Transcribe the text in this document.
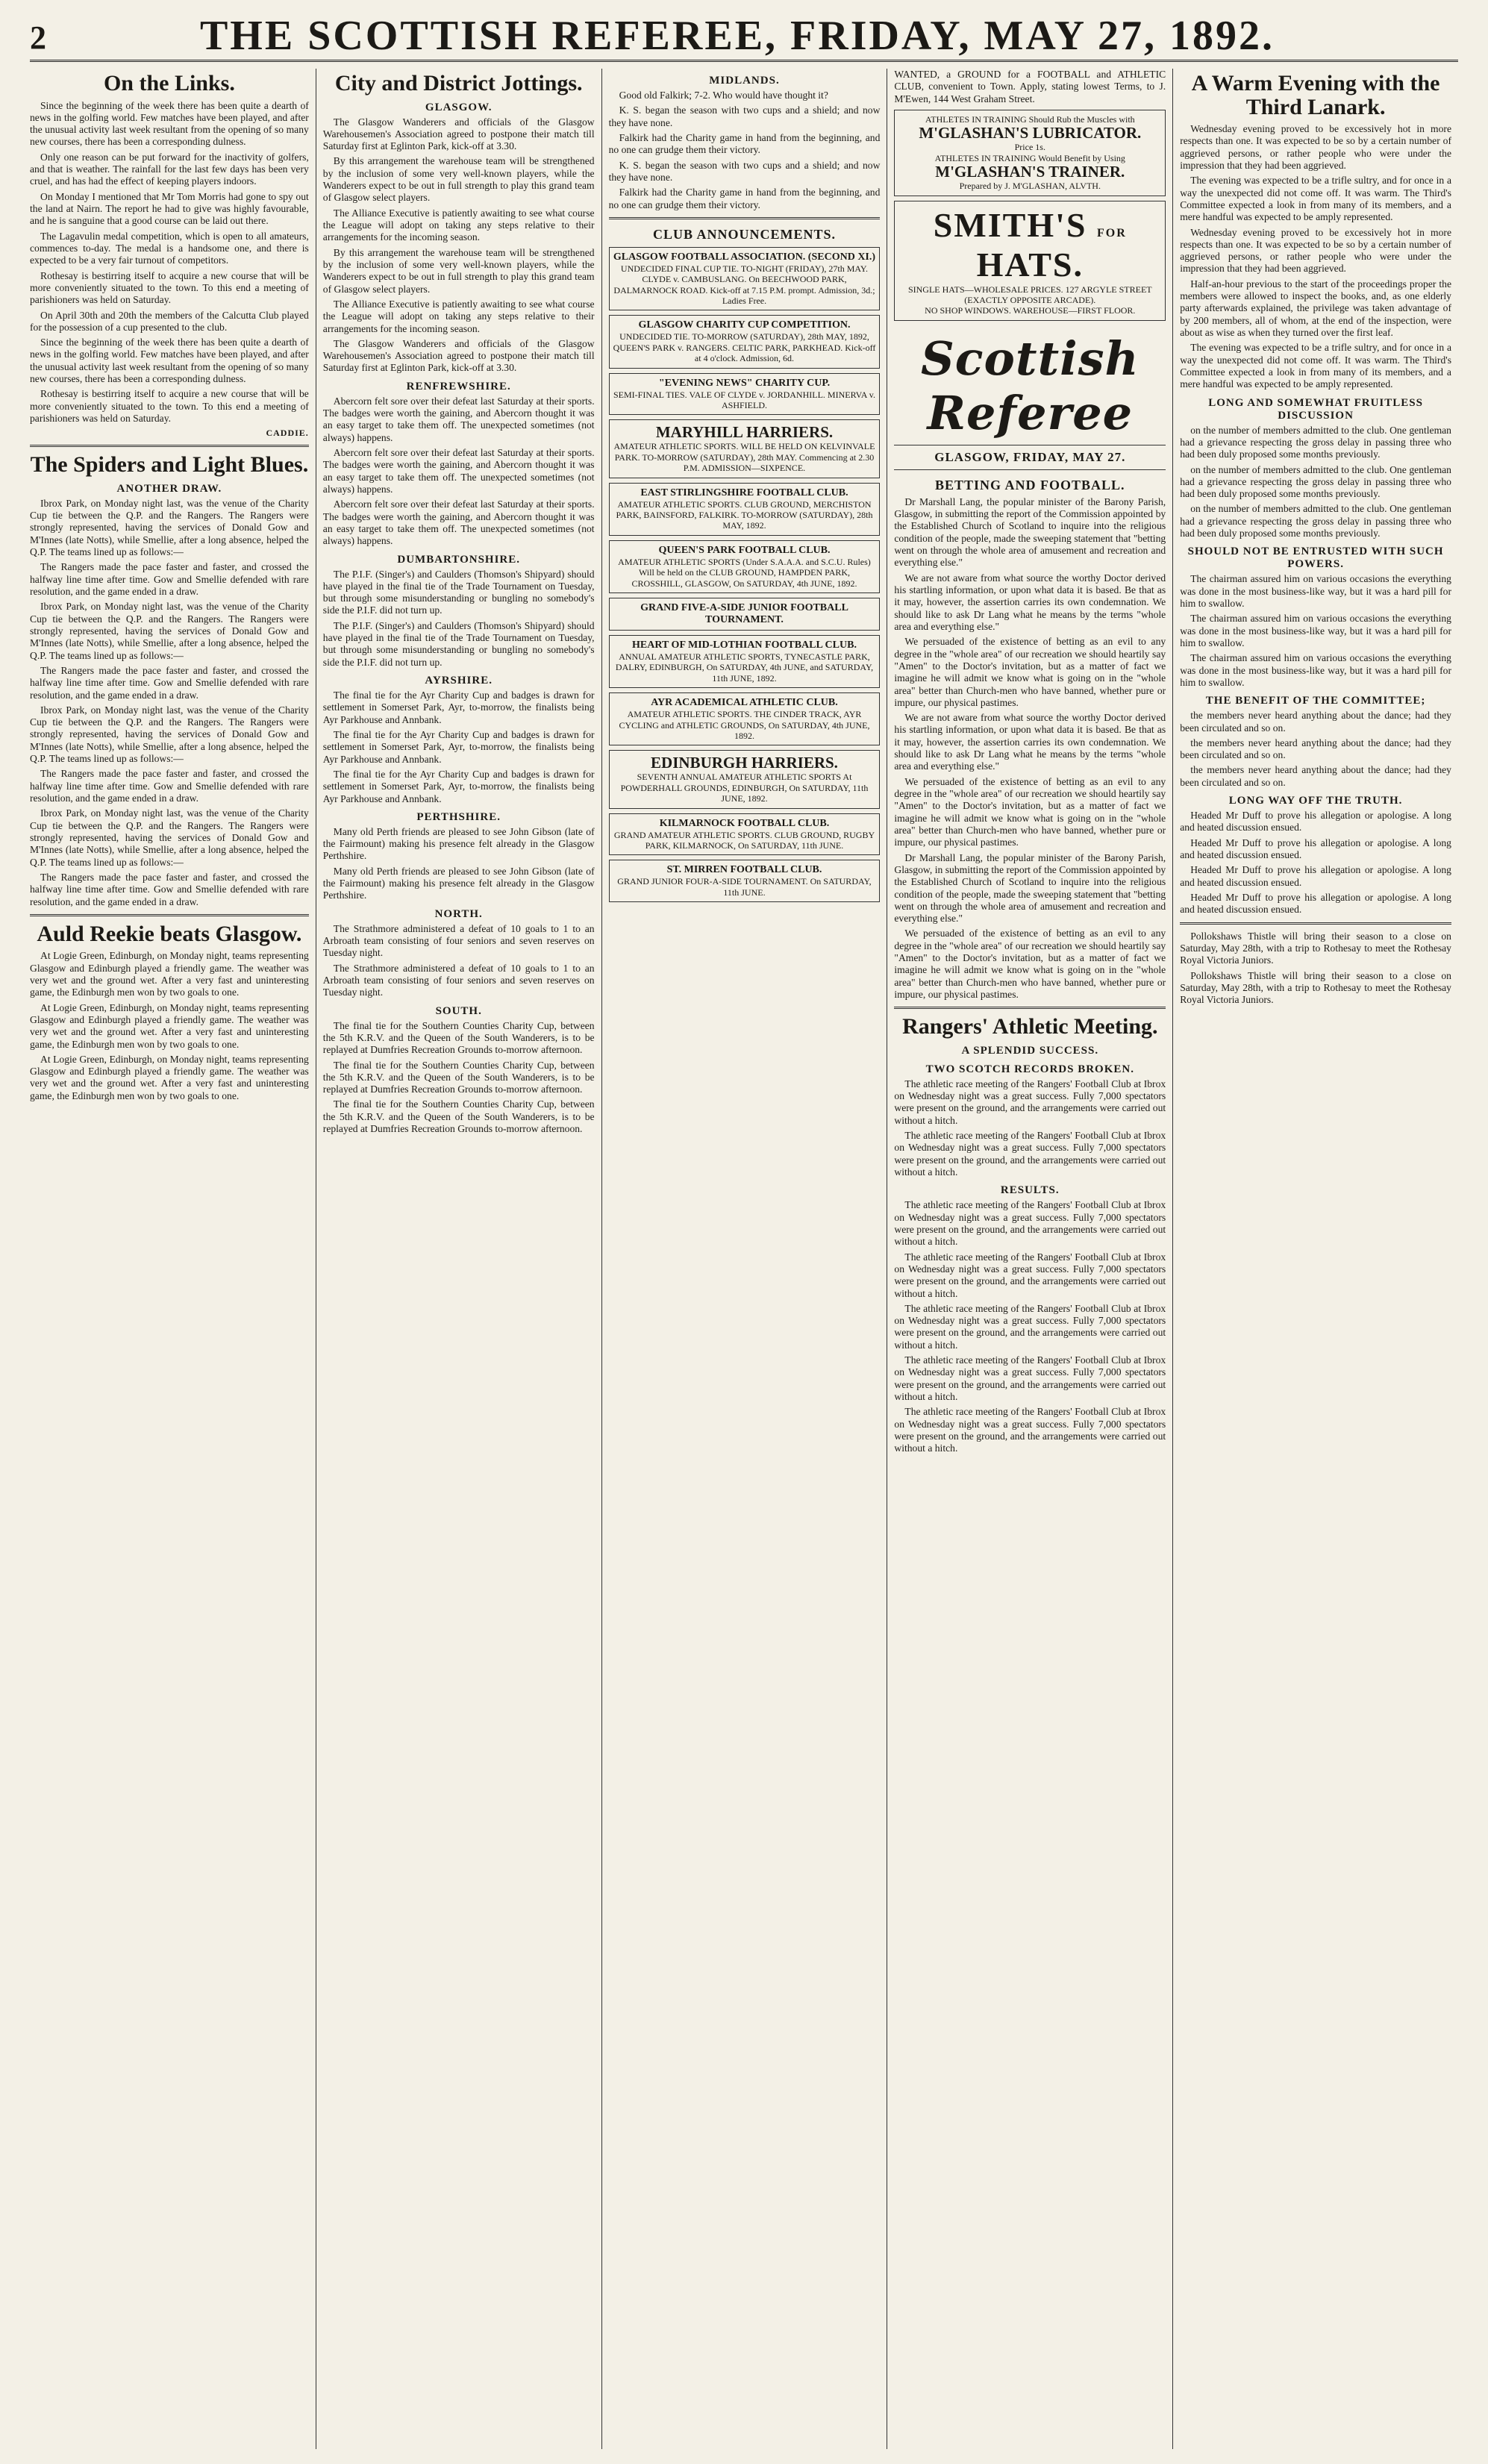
2	THE SCOTTISH REFEREE, FRIDAY, MAY 27, 1892.
On the Links.

Since the beginning of the week there has been quite a dearth of news in the golfing world. Few matches have been played, and after the unusual activity last week resultant from the opening of so many new courses, there has been a corresponding dulness.

Only one reason can be put forward for the inactivity of golfers, and that is weather. The rainfall for the last few days has been very cruel, and has had the effect of keeping players indoors.

On Monday I mentioned that Mr Tom Morris had gone to spy out the land at Nairn. The report he had to give was highly favourable, and he is sanguine that a good course can be laid out there.

The Lagavulin medal competition, which is open to all amateurs, commences to-day. The medal is a handsome one, and there is expected to be a very fair turnout of competitors.

Rothesay is bestirring itself to acquire a new course that will be more conveniently situated to the town. To this end a meeting of parishioners was held on Saturday.

On April 30th and 20th the members of the Calcutta Club played for the possession of a cup presented to the club.

Since the beginning of the week there has been quite a dearth of news in the golfing world. Few matches have been played, and after the unusual activity last week resultant from the opening of so many new courses, there has been a corresponding dulness.

Rothesay is bestirring itself to acquire a new course that will be more conveniently situated to the town. To this end a meeting of parishioners was held on Saturday.

CADDIE.
The Spiders and Light Blues.
ANOTHER DRAW.

Ibrox Park, on Monday night last, was the venue of the Charity Cup tie between the Q.P. and the Rangers. The Rangers were strongly represented, having the services of Donald Gow and M'Innes (late Notts), while Smellie, after a long absence, helped the Q.P. The teams lined up as follows:—

The Rangers made the pace faster and faster, and crossed the halfway line time after time. Gow and Smellie defended with rare resolution, and the game ended in a draw.

Ibrox Park, on Monday night last, was the venue of the Charity Cup tie between the Q.P. and the Rangers. The Rangers were strongly represented, having the services of Donald Gow and M'Innes (late Notts), while Smellie, after a long absence, helped the Q.P. The teams lined up as follows:—

The Rangers made the pace faster and faster, and crossed the halfway line time after time. Gow and Smellie defended with rare resolution, and the game ended in a draw.

Ibrox Park, on Monday night last, was the venue of the Charity Cup tie between the Q.P. and the Rangers. The Rangers were strongly represented, having the services of Donald Gow and M'Innes (late Notts), while Smellie, after a long absence, helped the Q.P. The teams lined up as follows:—

The Rangers made the pace faster and faster, and crossed the halfway line time after time. Gow and Smellie defended with rare resolution, and the game ended in a draw.

Ibrox Park, on Monday night last, was the venue of the Charity Cup tie between the Q.P. and the Rangers. The Rangers were strongly represented, having the services of Donald Gow and M'Innes (late Notts), while Smellie, after a long absence, helped the Q.P. The teams lined up as follows:—

The Rangers made the pace faster and faster, and crossed the halfway line time after time. Gow and Smellie defended with rare resolution, and the game ended in a draw.

Auld Reekie beats Glasgow.

At Logie Green, Edinburgh, on Monday night, teams representing Glasgow and Edinburgh played a friendly game. The weather was very wet and the ground wet. After a very fast and uninteresting game, the Edinburgh men won by two goals to one.

At Logie Green, Edinburgh, on Monday night, teams representing Glasgow and Edinburgh played a friendly game. The weather was very wet and the ground wet. After a very fast and uninteresting game, the Edinburgh men won by two goals to one.

At Logie Green, Edinburgh, on Monday night, teams representing Glasgow and Edinburgh played a friendly game. The weather was very wet and the ground wet. After a very fast and uninteresting game, the Edinburgh men won by two goals to one.

City and District Jottings.
GLASGOW.

The Glasgow Wanderers and officials of the Glasgow Warehousemen's Association agreed to postpone their match till Saturday first at Eglinton Park, kick-off at 3.30.

By this arrangement the warehouse team will be strengthened by the inclusion of some very well-known players, while the Wanderers expect to be out in full strength to play this grand team of Glasgow select players.

The Alliance Executive is patiently awaiting to see what course the League will adopt on taking any steps relative to their arrangements for the incoming season.

By this arrangement the warehouse team will be strengthened by the inclusion of some very well-known players, while the Wanderers expect to be out in full strength to play this grand team of Glasgow select players.

The Alliance Executive is patiently awaiting to see what course the League will adopt on taking any steps relative to their arrangements for the incoming season.

The Glasgow Wanderers and officials of the Glasgow Warehousemen's Association agreed to postpone their match till Saturday first at Eglinton Park, kick-off at 3.30.

RENFREWSHIRE.

Abercorn felt sore over their defeat last Saturday at their sports. The badges were worth the gaining, and Abercorn thought it was an easy target to take them off. The unexpected sometimes (not always) happens.

Abercorn felt sore over their defeat last Saturday at their sports. The badges were worth the gaining, and Abercorn thought it was an easy target to take them off. The unexpected sometimes (not always) happens.

Abercorn felt sore over their defeat last Saturday at their sports. The badges were worth the gaining, and Abercorn thought it was an easy target to take them off. The unexpected sometimes (not always) happens.

DUMBARTONSHIRE.

The P.I.F. (Singer's) and Caulders (Thomson's Shipyard) should have played in the final tie of the Trade Tournament on Tuesday, but through some misunderstanding or bungling no somebody's side the P.I.F. did not turn up.

The P.I.F. (Singer's) and Caulders (Thomson's Shipyard) should have played in the final tie of the Trade Tournament on Tuesday, but through some misunderstanding or bungling no somebody's side the P.I.F. did not turn up.

AYRSHIRE.

The final tie for the Ayr Charity Cup and badges is drawn for settlement in Somerset Park, Ayr, to-morrow, the finalists being Ayr Parkhouse and Annbank.

The final tie for the Ayr Charity Cup and badges is drawn for settlement in Somerset Park, Ayr, to-morrow, the finalists being Ayr Parkhouse and Annbank.

The final tie for the Ayr Charity Cup and badges is drawn for settlement in Somerset Park, Ayr, to-morrow, the finalists being Ayr Parkhouse and Annbank.

PERTHSHIRE.

Many old Perth friends are pleased to see John Gibson (late of the Fairmount) making his presence felt already in the Glasgow Perthshire.

Many old Perth friends are pleased to see John Gibson (late of the Fairmount) making his presence felt already in the Glasgow Perthshire.

NORTH.

The Strathmore administered a defeat of 10 goals to 1 to an Arbroath team consisting of four seniors and seven reserves on Tuesday night.

The Strathmore administered a defeat of 10 goals to 1 to an Arbroath team consisting of four seniors and seven reserves on Tuesday night.

SOUTH.

The final tie for the Southern Counties Charity Cup, between the 5th K.R.V. and the Queen of the South Wanderers, is to be replayed at Dumfries Recreation Grounds to-morrow afternoon.

The final tie for the Southern Counties Charity Cup, between the 5th K.R.V. and the Queen of the South Wanderers, is to be replayed at Dumfries Recreation Grounds to-morrow afternoon.

The final tie for the Southern Counties Charity Cup, between the 5th K.R.V. and the Queen of the South Wanderers, is to be replayed at Dumfries Recreation Grounds to-morrow afternoon.

MIDLANDS.

Good old Falkirk; 7-2. Who would have thought it?

K. S. began the season with two cups and a shield; and now they have none.

Falkirk had the Charity game in hand from the beginning, and no one can grudge them their victory.

K. S. began the season with two cups and a shield; and now they have none.

Falkirk had the Charity game in hand from the beginning, and no one can grudge them their victory.

CLUB ANNOUNCEMENTS.
GLASGOW FOOTBALL ASSOCIATION. (SECOND XI.)
UNDECIDED FINAL CUP TIE. TO-NIGHT (FRIDAY), 27th MAY. CLYDE v. CAMBUSLANG. On BEECHWOOD PARK, DALMARNOCK ROAD. Kick-off at 7.15 P.M. prompt. Admission, 3d.; Ladies Free.
GLASGOW CHARITY CUP COMPETITION.
UNDECIDED TIE. TO-MORROW (SATURDAY), 28th MAY, 1892, QUEEN'S PARK v. RANGERS. CELTIC PARK, PARKHEAD. Kick-off at 4 o'clock. Admission, 6d.
"EVENING NEWS" CHARITY CUP.
SEMI-FINAL TIES. VALE OF CLYDE v. JORDANHILL. MINERVA v. ASHFIELD.
MARYHILL HARRIERS.
AMATEUR ATHLETIC SPORTS. WILL BE HELD ON KELVINVALE PARK. TO-MORROW (SATURDAY), 28th MAY. Commencing at 2.30 P.M. ADMISSION—SIXPENCE.
EAST STIRLINGSHIRE FOOTBALL CLUB.
AMATEUR ATHLETIC SPORTS. CLUB GROUND, MERCHISTON PARK, BAINSFORD, FALKIRK. TO-MORROW (SATURDAY), 28th MAY, 1892.
QUEEN'S PARK FOOTBALL CLUB.
AMATEUR ATHLETIC SPORTS (Under S.A.A.A. and S.C.U. Rules) Will be held on the CLUB GROUND, HAMPDEN PARK, CROSSHILL, GLASGOW, On SATURDAY, 4th JUNE, 1892.
GRAND FIVE-A-SIDE JUNIOR FOOTBALL TOURNAMENT.
HEART OF MID-LOTHIAN FOOTBALL CLUB.
ANNUAL AMATEUR ATHLETIC SPORTS, TYNECASTLE PARK, DALRY, EDINBURGH, On SATURDAY, 4th JUNE, and SATURDAY, 11th JUNE, 1892.
AYR ACADEMICAL ATHLETIC CLUB.
AMATEUR ATHLETIC SPORTS. THE CINDER TRACK, AYR CYCLING and ATHLETIC GROUNDS, On SATURDAY, 4th JUNE, 1892.
EDINBURGH HARRIERS.
SEVENTH ANNUAL AMATEUR ATHLETIC SPORTS At POWDERHALL GROUNDS, EDINBURGH, On SATURDAY, 11th JUNE, 1892.
KILMARNOCK FOOTBALL CLUB.
GRAND AMATEUR ATHLETIC SPORTS. CLUB GROUND, RUGBY PARK, KILMARNOCK, On SATURDAY, 11th JUNE.
ST. MIRREN FOOTBALL CLUB.
GRAND JUNIOR FOUR-A-SIDE TOURNAMENT. On SATURDAY, 11th JUNE.

WANTED, a GROUND for a FOOTBALL and ATHLETIC CLUB, convenient to Town. Apply, stating lowest Terms, to J. M'Ewen, 144 West Graham Street.

ATHLETES IN TRAINING Should Rub the Muscles with
M'GLASHAN'S LUBRICATOR.
Price 1s.
ATHLETES IN TRAINING Would Benefit by Using
M'GLASHAN'S TRAINER.
Prepared by J. M'GLASHAN, ALVTH.
SMITH'S FOR HATS.
SINGLE HATS—WHOLESALE PRICES. 127 ARGYLE STREET (EXACTLY OPPOSITE ARCADE).
NO SHOP WINDOWS. WAREHOUSE—FIRST FLOOR.
Scottish Referee
GLASGOW, FRIDAY, MAY 27.
BETTING AND FOOTBALL.

Dr Marshall Lang, the popular minister of the Barony Parish, Glasgow, in submitting the report of the Commission appointed by the Established Church of Scotland to inquire into the religious condition of the people, made the sweeping statement that "betting went on through the whole area of amusement and recreation and everything else."

We are not aware from what source the worthy Doctor derived his startling information, or upon what data it is based. Be that as it may, however, the assertion carries its own condemnation. We should like to ask Dr Lang what he means by the terms "whole area and everything else."

We persuaded of the existence of betting as an evil to any degree in the "whole area" of our recreation we should heartily say "Amen" to the Doctor's invitation, but as a matter of fact we imagine he will admit we know what is going on in the "whole area" better than Church-men who have banned, whether pure or impure, our physical pastimes.

We are not aware from what source the worthy Doctor derived his startling information, or upon what data it is based. Be that as it may, however, the assertion carries its own condemnation. We should like to ask Dr Lang what he means by the terms "whole area and everything else."

We persuaded of the existence of betting as an evil to any degree in the "whole area" of our recreation we should heartily say "Amen" to the Doctor's invitation, but as a matter of fact we imagine he will admit we know what is going on in the "whole area" better than Church-men who have banned, whether pure or impure, our physical pastimes.

Dr Marshall Lang, the popular minister of the Barony Parish, Glasgow, in submitting the report of the Commission appointed by the Established Church of Scotland to inquire into the religious condition of the people, made the sweeping statement that "betting went on through the whole area of amusement and recreation and everything else."

We persuaded of the existence of betting as an evil to any degree in the "whole area" of our recreation we should heartily say "Amen" to the Doctor's invitation, but as a matter of fact we imagine he will admit we know what is going on in the "whole area" better than Church-men who have banned, whether pure or impure, our physical pastimes.

Rangers' Athletic Meeting.
A SPLENDID SUCCESS.
TWO SCOTCH RECORDS BROKEN.

The athletic race meeting of the Rangers' Football Club at Ibrox on Wednesday night was a great success. Fully 7,000 spectators were present on the ground, and the arrangements were carried out without a hitch.

The athletic race meeting of the Rangers' Football Club at Ibrox on Wednesday night was a great success. Fully 7,000 spectators were present on the ground, and the arrangements were carried out without a hitch.

RESULTS.

The athletic race meeting of the Rangers' Football Club at Ibrox on Wednesday night was a great success. Fully 7,000 spectators were present on the ground, and the arrangements were carried out without a hitch.

The athletic race meeting of the Rangers' Football Club at Ibrox on Wednesday night was a great success. Fully 7,000 spectators were present on the ground, and the arrangements were carried out without a hitch.

The athletic race meeting of the Rangers' Football Club at Ibrox on Wednesday night was a great success. Fully 7,000 spectators were present on the ground, and the arrangements were carried out without a hitch.

The athletic race meeting of the Rangers' Football Club at Ibrox on Wednesday night was a great success. Fully 7,000 spectators were present on the ground, and the arrangements were carried out without a hitch.

The athletic race meeting of the Rangers' Football Club at Ibrox on Wednesday night was a great success. Fully 7,000 spectators were present on the ground, and the arrangements were carried out without a hitch.

A Warm Evening with the Third Lanark.

Wednesday evening proved to be excessively hot in more respects than one. It was expected to be so by a certain number of aggrieved persons, or rather people who were under the impression that they had been aggrieved.

The evening was expected to be a trifle sultry, and for once in a way the unexpected did not come off. It was warm. The Third's Committee expected a look in from many of its members, and a mere handful was expected to be amply represented.

Wednesday evening proved to be excessively hot in more respects than one. It was expected to be so by a certain number of aggrieved persons, or rather people who were under the impression that they had been aggrieved.

Half-an-hour previous to the start of the proceedings proper the members were allowed to inspect the books, and, as one elderly party afterwards explained, the privilege was taken advantage of by 200 members, all of whom, at the end of the inspection, were about as wise as when they turned over the first leaf.

The evening was expected to be a trifle sultry, and for once in a way the unexpected did not come off. It was warm. The Third's Committee expected a look in from many of its members, and a mere handful was expected to be amply represented.

LONG AND SOMEWHAT FRUITLESS DISCUSSION

on the number of members admitted to the club. One gentleman had a grievance respecting the gross delay in passing three who had been duly proposed some months previously.

on the number of members admitted to the club. One gentleman had a grievance respecting the gross delay in passing three who had been duly proposed some months previously.

on the number of members admitted to the club. One gentleman had a grievance respecting the gross delay in passing three who had been duly proposed some months previously.

SHOULD NOT BE ENTRUSTED WITH SUCH POWERS.

The chairman assured him on various occasions the everything was done in the most business-like way, but it was a hard pill for him to swallow.

The chairman assured him on various occasions the everything was done in the most business-like way, but it was a hard pill for him to swallow.

The chairman assured him on various occasions the everything was done in the most business-like way, but it was a hard pill for him to swallow.

THE BENEFIT OF THE COMMITTEE;

the members never heard anything about the dance; had they been circulated and so on.

the members never heard anything about the dance; had they been circulated and so on.

the members never heard anything about the dance; had they been circulated and so on.

LONG WAY OFF THE TRUTH.

Headed Mr Duff to prove his allegation or apologise. A long and heated discussion ensued.

Headed Mr Duff to prove his allegation or apologise. A long and heated discussion ensued.

Headed Mr Duff to prove his allegation or apologise. A long and heated discussion ensued.

Headed Mr Duff to prove his allegation or apologise. A long and heated discussion ensued.

Pollokshaws Thistle will bring their season to a close on Saturday, May 28th, with a trip to Rothesay to meet the Rothesay Royal Victoria Juniors.

Pollokshaws Thistle will bring their season to a close on Saturday, May 28th, with a trip to Rothesay to meet the Rothesay Royal Victoria Juniors.
